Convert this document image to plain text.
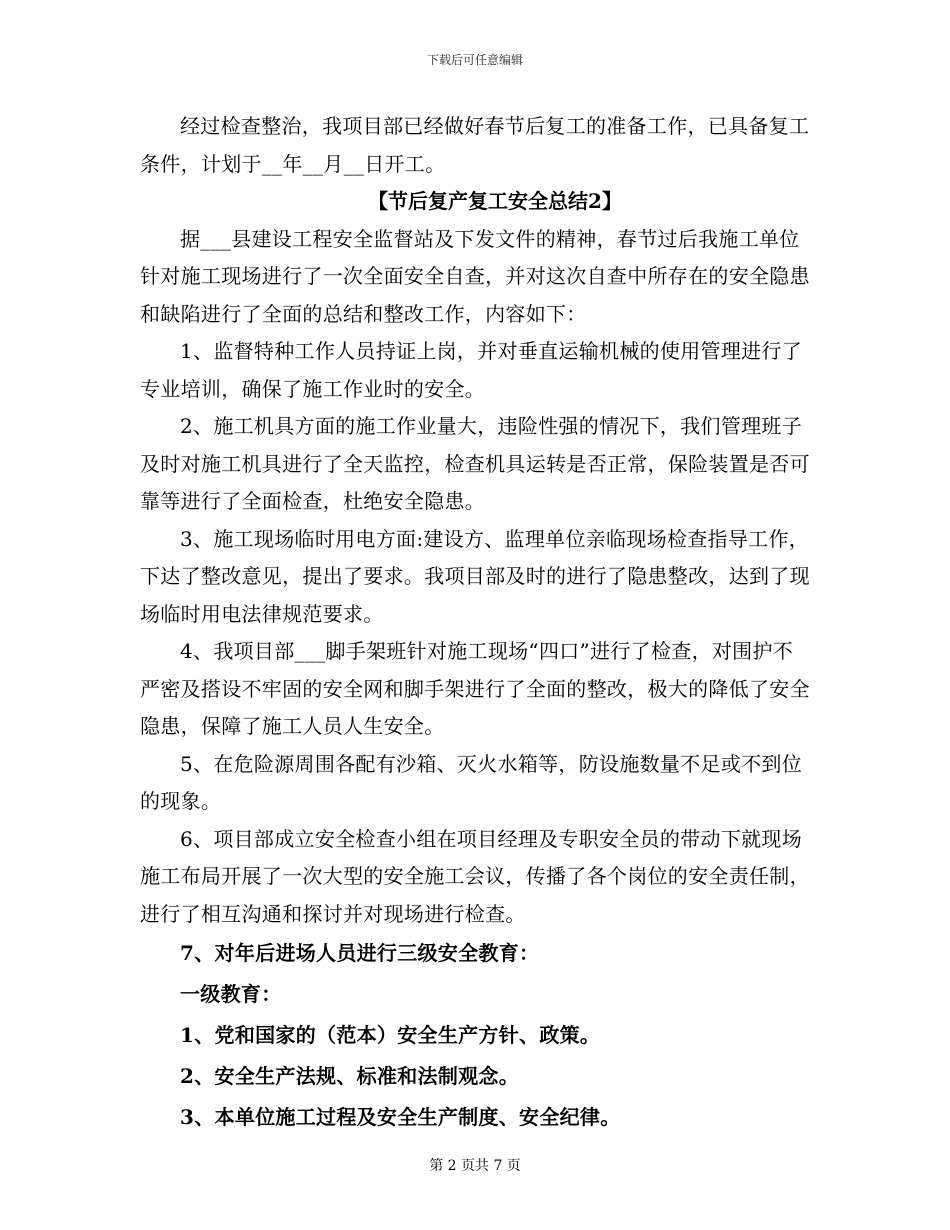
下载后可任意编辑

经过检查整治，我项目部已经做好春节后复工的准备工作，已具备复工条件，计划于__年__月__日开工。

【节后复产复工安全总结2】

据___县建设工程安全监督站及下发文件的精神，春节过后我施工单位针对施工现场进行了一次全面安全自查，并对这次自查中所存在的安全隐患和缺陷进行了全面的总结和整改工作，内容如下：

1、监督特种工作人员持证上岗，并对垂直运输机械的使用管理进行了专业培训，确保了施工作业时的安全。

2、施工机具方面的施工作业量大，违险性强的情况下，我们管理班子及时对施工机具进行了全天监控，检查机具运转是否正常，保险装置是否可靠等进行了全面检查，杜绝安全隐患。

3、施工现场临时用电方面:建设方、监理单位亲临现场检查指导工作，下达了整改意见，提出了要求。我项目部及时的进行了隐患整改，达到了现场临时用电法律规范要求。

4、我项目部___脚手架班针对施工现场“四口”进行了检查，对围护不严密及搭设不牢固的安全网和脚手架进行了全面的整改，极大的降低了安全隐患，保障了施工人员人生安全。

5、在危险源周围各配有沙箱、灭火水箱等，防设施数量不足或不到位的现象。

6、项目部成立安全检查小组在项目经理及专职安全员的带动下就现场施工布局开展了一次大型的安全施工会议，传播了各个岗位的安全责任制，进行了相互沟通和探讨并对现场进行检查。

7、对年后进场人员进行三级安全教育：

一级教育：

1、党和国家的（范本）安全生产方针、政策。

2、安全生产法规、标准和法制观念。

3、本单位施工过程及安全生产制度、安全纪律。

第 2 页共 7 页
